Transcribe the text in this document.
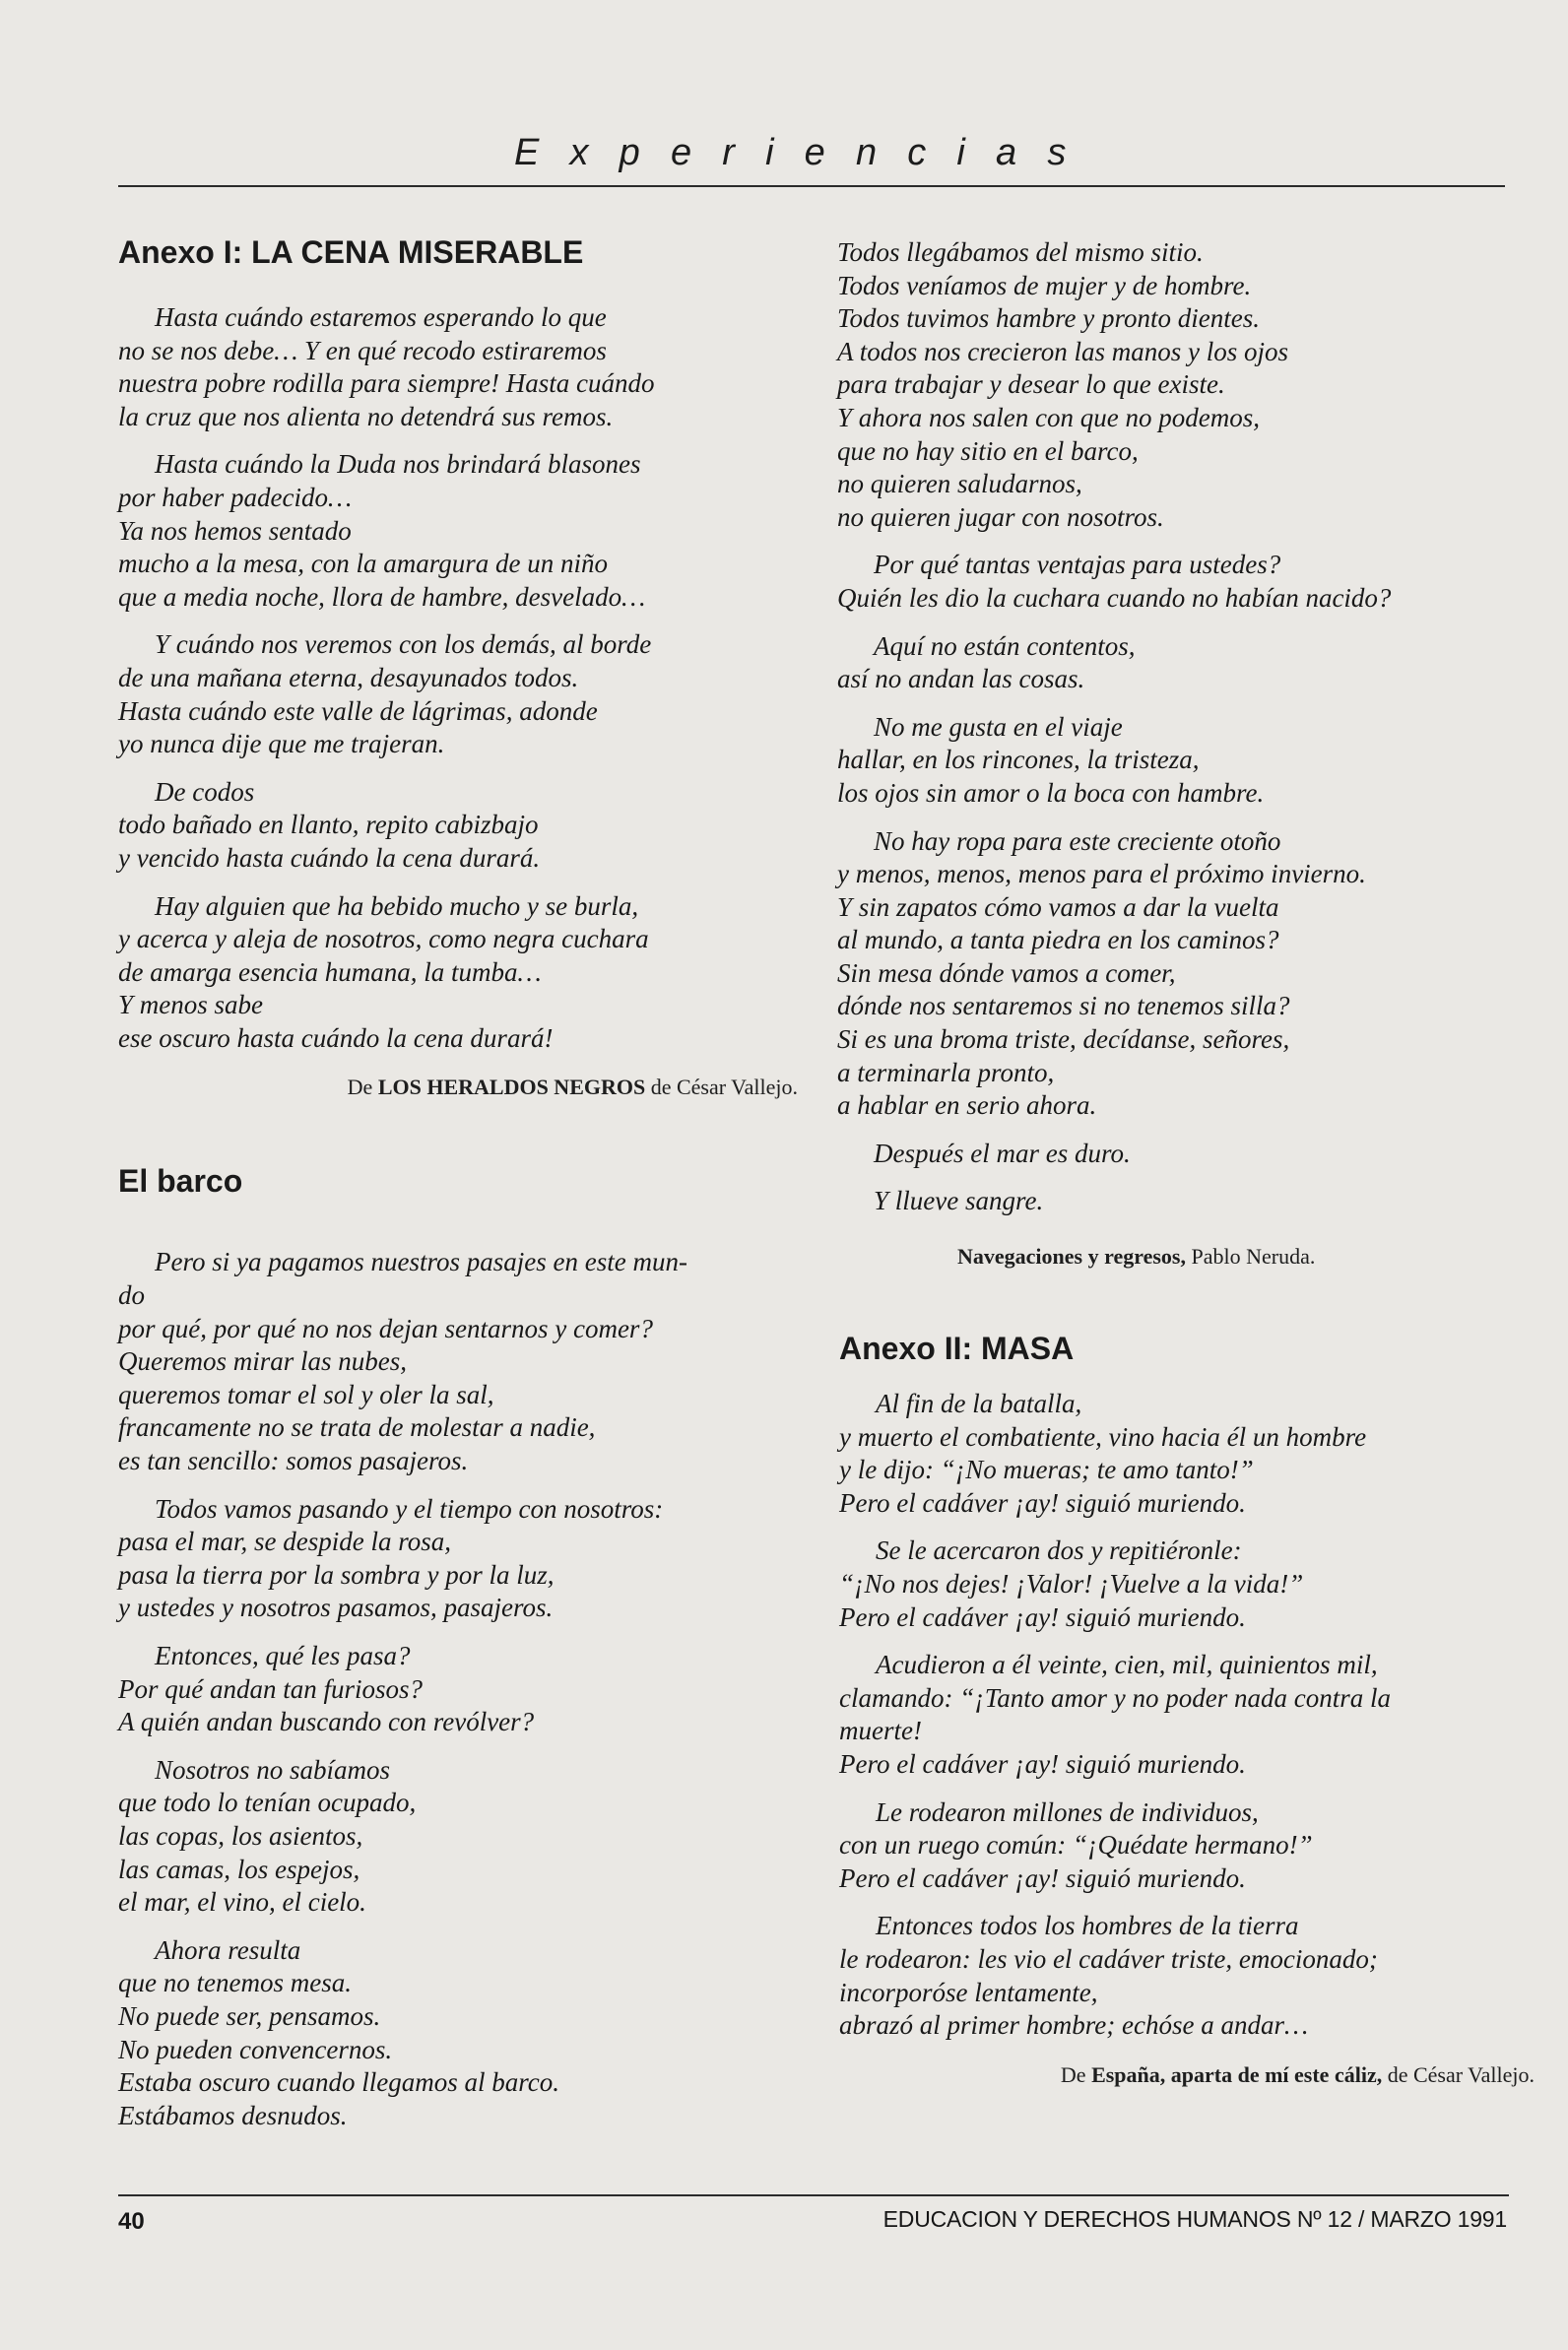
Experiencias
Anexo I: LA CENA MISERABLE
Hasta cuándo estaremos esperando lo que
no se nos debe… Y en qué recodo estiraremos
nuestra pobre rodilla para siempre! Hasta cuándo
la cruz que nos alienta no detendrá sus remos.
Hasta cuándo la Duda nos brindará blasones
por haber padecido…
Ya nos hemos sentado
mucho a la mesa, con la amargura de un niño
que a media noche, llora de hambre, desvelado…
Y cuándo nos veremos con los demás, al borde
de una mañana eterna, desayunados todos.
Hasta cuándo este valle de lágrimas, adonde
yo nunca dije que me trajeran.
De codos
todo bañado en llanto, repito cabizbajo
y vencido hasta cuándo la cena durará.
Hay alguien que ha bebido mucho y se burla,
y acerca y aleja de nosotros, como negra cuchara
de amarga esencia humana, la tumba…
Y menos sabe
ese oscuro hasta cuándo la cena durará!
De LOS HERALDOS NEGROS de César Vallejo.
El barco
Pero si ya pagamos nuestros pasajes en este mun-
do
por qué, por qué no nos dejan sentarnos y comer?
Queremos mirar las nubes,
queremos tomar el sol y oler la sal,
francamente no se trata de molestar a nadie,
es tan sencillo: somos pasajeros.
Todos vamos pasando y el tiempo con nosotros:
pasa el mar, se despide la rosa,
pasa la tierra por la sombra y por la luz,
y ustedes y nosotros pasamos, pasajeros.
Entonces, qué les pasa?
Por qué andan tan furiosos?
A quién andan buscando con revólver?
Nosotros no sabíamos
que todo lo tenían ocupado,
las copas, los asientos,
las camas, los espejos,
el mar, el vino, el cielo.
Ahora resulta
que no tenemos mesa.
No puede ser, pensamos.
No pueden convencernos.
Estaba oscuro cuando llegamos al barco.
Estábamos desnudos.
Todos llegábamos del mismo sitio.
Todos veníamos de mujer y de hombre.
Todos tuvimos hambre y pronto dientes.
A todos nos crecieron las manos y los ojos
para trabajar y desear lo que existe.
Y ahora nos salen con que no podemos,
que no hay sitio en el barco,
no quieren saludarnos,
no quieren jugar con nosotros.
Por qué tantas ventajas para ustedes?
Quién les dio la cuchara cuando no habían nacido?
Aquí no están contentos,
así no andan las cosas.
No me gusta en el viaje
hallar, en los rincones, la tristeza,
los ojos sin amor o la boca con hambre.
No hay ropa para este creciente otoño
y menos, menos, menos para el próximo invierno.
Y sin zapatos cómo vamos a dar la vuelta
al mundo, a tanta piedra en los caminos?
Sin mesa dónde vamos a comer,
dónde nos sentaremos si no tenemos silla?
Si es una broma triste, decídanse, señores,
a terminarla pronto,
a hablar en serio ahora.
Después el mar es duro.
Y llueve sangre.
Navegaciones y regresos, Pablo Neruda.
Anexo II: MASA
Al fin de la batalla,
y muerto el combatiente, vino hacia él un hombre
y le dijo: “¡No mueras; te amo tanto!”
Pero el cadáver ¡ay! siguió muriendo.
Se le acercaron dos y repitiéronle:
“¡No nos dejes! ¡Valor! ¡Vuelve a la vida!”
Pero el cadáver ¡ay! siguió muriendo.
Acudieron a él veinte, cien, mil, quinientos mil,
clamando: “¡Tanto amor y no poder nada contra la
muerte!
Pero el cadáver ¡ay! siguió muriendo.
Le rodearon millones de individuos,
con un ruego común: “¡Quédate hermano!”
Pero el cadáver ¡ay! siguió muriendo.
Entonces todos los hombres de la tierra
le rodearon: les vio el cadáver triste, emocionado;
incorporóse lentamente,
abrazó al primer hombre; echóse a andar…
De España, aparta de mí este cáliz, de César Vallejo.
40	EDUCACION Y DERECHOS HUMANOS Nº 12 / MARZO 1991
